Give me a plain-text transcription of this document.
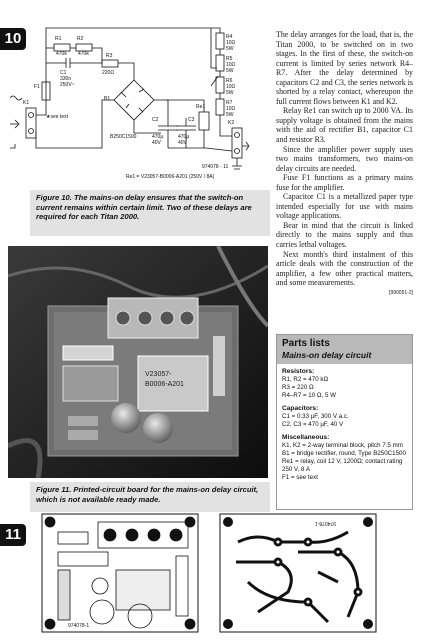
10
K1
F1
R1
470k
R2
470k
C1
330n
250V~
R3
220Ω
B1
B250C1500
C2
470µ
40V
C3
470µ
40V
Re1
R4
10Ω
5W
R5
10Ω
5W
R6
10Ω
5W
R7
10Ω
5W
K2
★see text
Re1 = V23057-B0006-A201 (250V / 8A)
974078 - 11
Figure 10. The mains-on delay ensures that the switch-on current remains within certain limit. Two of these delays are required for each Titan 2000.

The delay arranges for the load, that is, the Titan 2000, to be switched on in two stages. In the first of these, the switch-on current is limited by series network R4–R7. After the delay determined by capacitors C2 and C3, the series network is shorted by a relay contact, whereupon the full current flows between K1 and K2.

Relay Re1 can switch up to 2000 VA. Its supply voltage is obtained from the mains with the aid of rectifier B1, capacitor C1 and resistor R3.

Since the amplifier power supply uses two mains transformers, two mains-on delay circuits are needed.

Fuse F1 functions as a primary mains fuse for the amplifier.

Capacitor C1 is a metallized paper type intended especially for use with mains voltage applications.

Bear in mind that the circuit is linked directly to the mains supply and thus carries lethal voltages.

Next month's third instalment of this article deals with the construction of the amplifier, a few other practical matters, and some measurements.

[990051-2]
V23057-
B0006-A201
Figure 11. Printed-circuit board for the mains-on delay circuit, which is not available ready made.
Parts lists
Mains-on delay circuit
Resistors:
R1, R2 = 470 kΩ
R3 = 220 Ω
R4–R7 = 10 Ω, 5 W
Capacitors:
C1 = 0.33 µF, 300 V a.c.
C2, C3 = 470 µF, 40 V
Miscellaneous:
K1, K2 = 2-way terminal block, pitch 7.5 mm
B1 = bridge rectifier, round, Type B250C1500
Re1 = relay, coil 12 V, 1200Ω; contact rating 250 V, 8 A
F1 = see text
11
974078-1
974078-1
